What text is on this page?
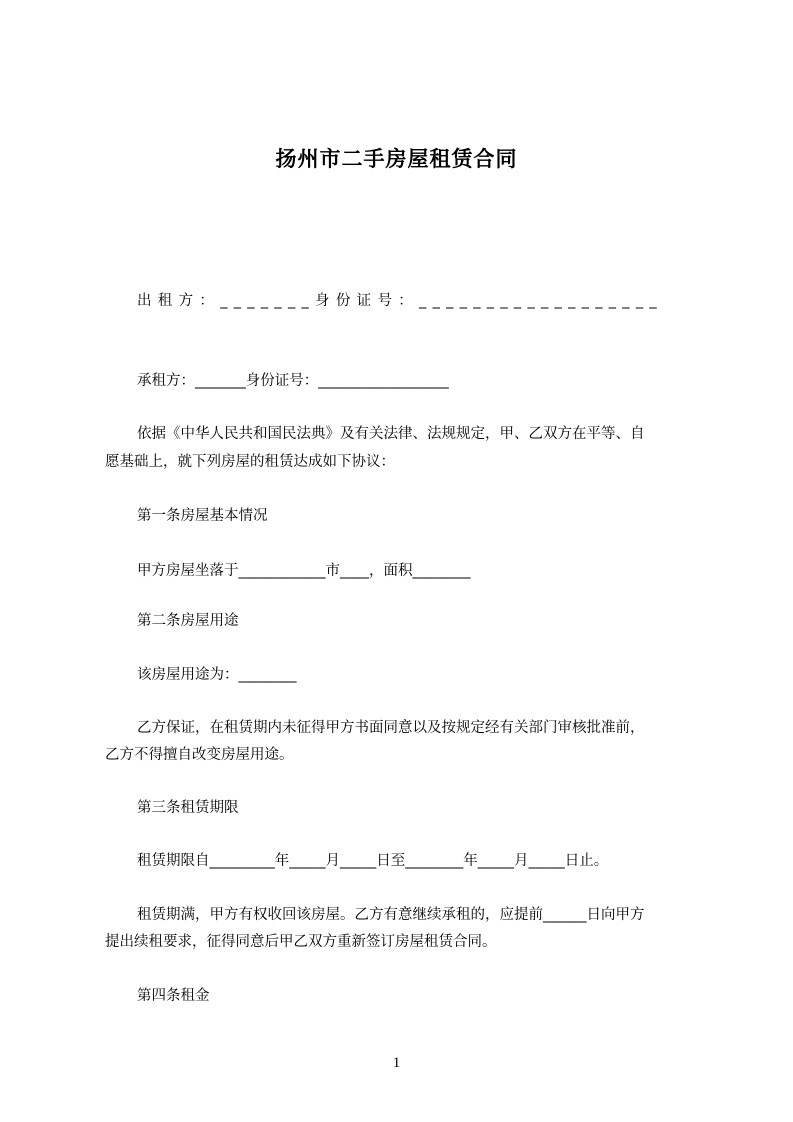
扬州市二手房屋租赁合同
出租方：_______身份证号：__________________
承租方：_______身份证号：__________________
依据《中华人民共和国民法典》及有关法律、法规规定，甲、乙双方在平等、自
愿基础上，就下列房屋的租赁达成如下协议：
第一条房屋基本情况
甲方房屋坐落于____________市____，面积________
第二条房屋用途
该房屋用途为：________
乙方保证，在租赁期内未征得甲方书面同意以及按规定经有关部门审核批准前，
乙方不得擅自改变房屋用途。
第三条租赁期限
租赁期限自_________年_____月_____日至________年_____月_____日止。
租赁期满，甲方有权收回该房屋。乙方有意继续承租的，应提前______日向甲方
提出续租要求，征得同意后甲乙双方重新签订房屋租赁合同。
第四条租金
1
